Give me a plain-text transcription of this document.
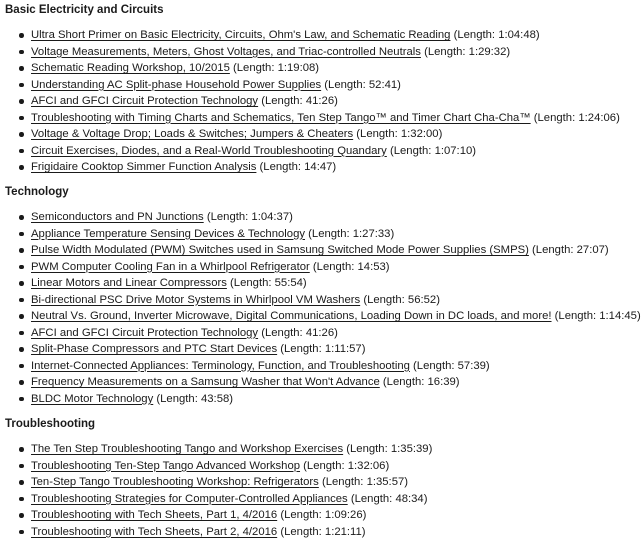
Basic Electricity and Circuits
Ultra Short Primer on Basic Electricity, Circuits, Ohm's Law, and Schematic Reading (Length: 1:04:48)
Voltage Measurements, Meters, Ghost Voltages, and Triac-controlled Neutrals (Length: 1:29:32)
Schematic Reading Workshop, 10/2015 (Length: 1:19:08)
Understanding AC Split-phase Household Power Supplies (Length: 52:41)
AFCI and GFCI Circuit Protection Technology (Length: 41:26)
Troubleshooting with Timing Charts and Schematics, Ten Step Tango™ and Timer Chart Cha-Cha™ (Length: 1:24:06)
Voltage & Voltage Drop; Loads & Switches; Jumpers & Cheaters (Length: 1:32:00)
Circuit Exercises, Diodes, and a Real-World Troubleshooting Quandary (Length: 1:07:10)
Frigidaire Cooktop Simmer Function Analysis (Length: 14:47)
Technology
Semiconductors and PN Junctions (Length: 1:04:37)
Appliance Temperature Sensing Devices & Technology (Length: 1:27:33)
Pulse Width Modulated (PWM) Switches used in Samsung Switched Mode Power Supplies (SMPS) (Length: 27:07)
PWM Computer Cooling Fan in a Whirlpool Refrigerator (Length: 14:53)
Linear Motors and Linear Compressors (Length: 55:54)
Bi-directional PSC Drive Motor Systems in Whirlpool VM Washers (Length: 56:52)
Neutral Vs. Ground, Inverter Microwave, Digital Communications, Loading Down in DC loads, and more! (Length: 1:14:45)
AFCI and GFCI Circuit Protection Technology (Length: 41:26)
Split-Phase Compressors and PTC Start Devices (Length: 1:11:57)
Internet-Connected Appliances: Terminology, Function, and Troubleshooting (Length: 57:39)
Frequency Measurements on a Samsung Washer that Won't Advance (Length: 16:39)
BLDC Motor Technology (Length: 43:58)
Troubleshooting
The Ten Step Troubleshooting Tango and Workshop Exercises (Length: 1:35:39)
Troubleshooting Ten-Step Tango Advanced Workshop (Length: 1:32:06)
Ten-Step Tango Troubleshooting Workshop: Refrigerators (Length: 1:35:57)
Troubleshooting Strategies for Computer-Controlled Appliances (Length: 48:34)
Troubleshooting with Tech Sheets, Part 1, 4/2016 (Length: 1:09:26)
Troubleshooting with Tech Sheets, Part 2, 4/2016 (Length: 1:21:11)
